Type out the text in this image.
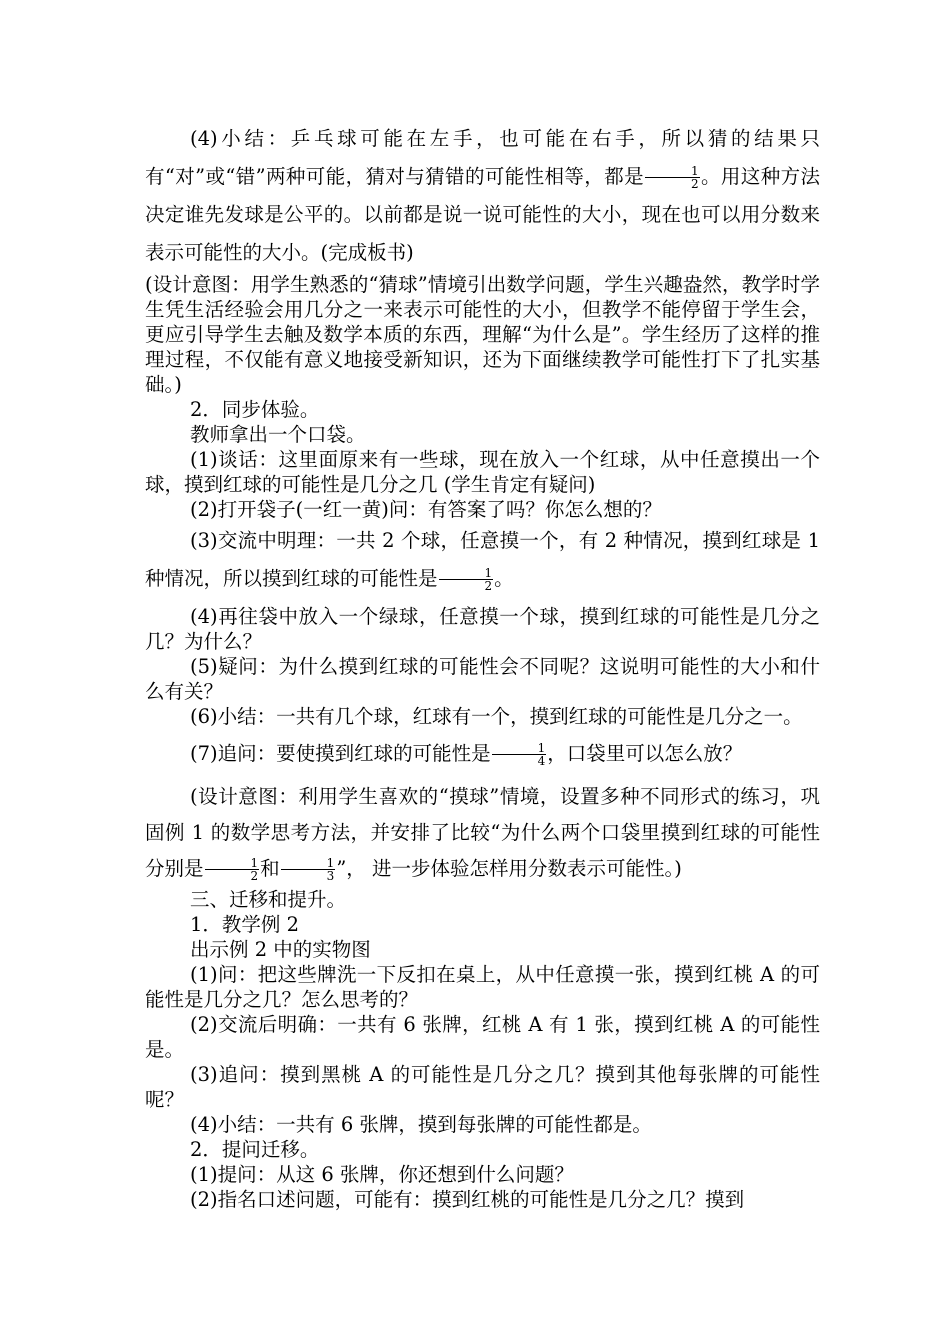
(4)小结：乒乓球可能在左手，也可能在右手，所以猜的结果只有“对”或“错”两种可能，猜对与猜错的可能性相等，都是 $\frac{1}{2}$ 。用这种方法决定谁先发球是公平的。以前都是说一说可能性的大小，现在也可以用分数来表示可能性的大小。(完成板书)

(设计意图：用学生熟悉的“猜球”情境引出数学问题，学生兴趣盎然，教学时学生凭生活经验会用几分之一来表示可能性的大小，但教学不能停留于学生会，更应引导学生去触及数学本质的东西，理解“为什么是”。学生经历了这样的推理过程，不仅能有意义地接受新知识，还为下面继续教学可能性打下了扎实基础。)

2．同步体验。

教师拿出一个口袋。

(1)谈话：这里面原来有一些球，现在放入一个红球，从中任意摸出一个球，摸到红球的可能性是几分之几 (学生肯定有疑问)

(2)打开袋子(一红一黄)问：有答案了吗？你怎么想的？

(3)交流中明理：一共 2 个球，任意摸一个，有 2 种情况，摸到红球是 1 种情况，所以摸到红球的可能性是 $\frac{1}{2}$ 。

(4)再往袋中放入一个绿球，任意摸一个球，摸到红球的可能性是几分之几？为什么？

(5)疑问：为什么摸到红球的可能性会不同呢？这说明可能性的大小和什么有关？

(6)小结：一共有几个球，红球有一个，摸到红球的可能性是几分之一。

(7)追问：要使摸到红球的可能性是 $\frac{1}{4}$ ，口袋里可以怎么放？

(设计意图：利用学生喜欢的“摸球”情境，设置多种不同形式的练习，巩固例 1 的数学思考方法，并安排了比较“为什么两个口袋里摸到红球的可能性分别是 $\frac{1}{2}$ 和 $\frac{1}{3}$ ”， 进一步体验怎样用分数表示可能性。)

三、迁移和提升。

1．教学例 2

出示例 2 中的实物图

(1)问：把这些牌洗一下反扣在桌上，从中任意摸一张，摸到红桃 A 的可能性是几分之几？怎么思考的？

(2)交流后明确：一共有 6 张牌，红桃 A 有 1 张，摸到红桃 A 的可能性是。

(3)追问：摸到黑桃 A 的可能性是几分之几？摸到其他每张牌的可能性呢？

(4)小结：一共有 6 张牌，摸到每张牌的可能性都是。

2．提问迁移。

(1)提问：从这 6 张牌，你还想到什么问题？

(2)指名口述问题，可能有：摸到红桃的可能性是几分之几？摸到
